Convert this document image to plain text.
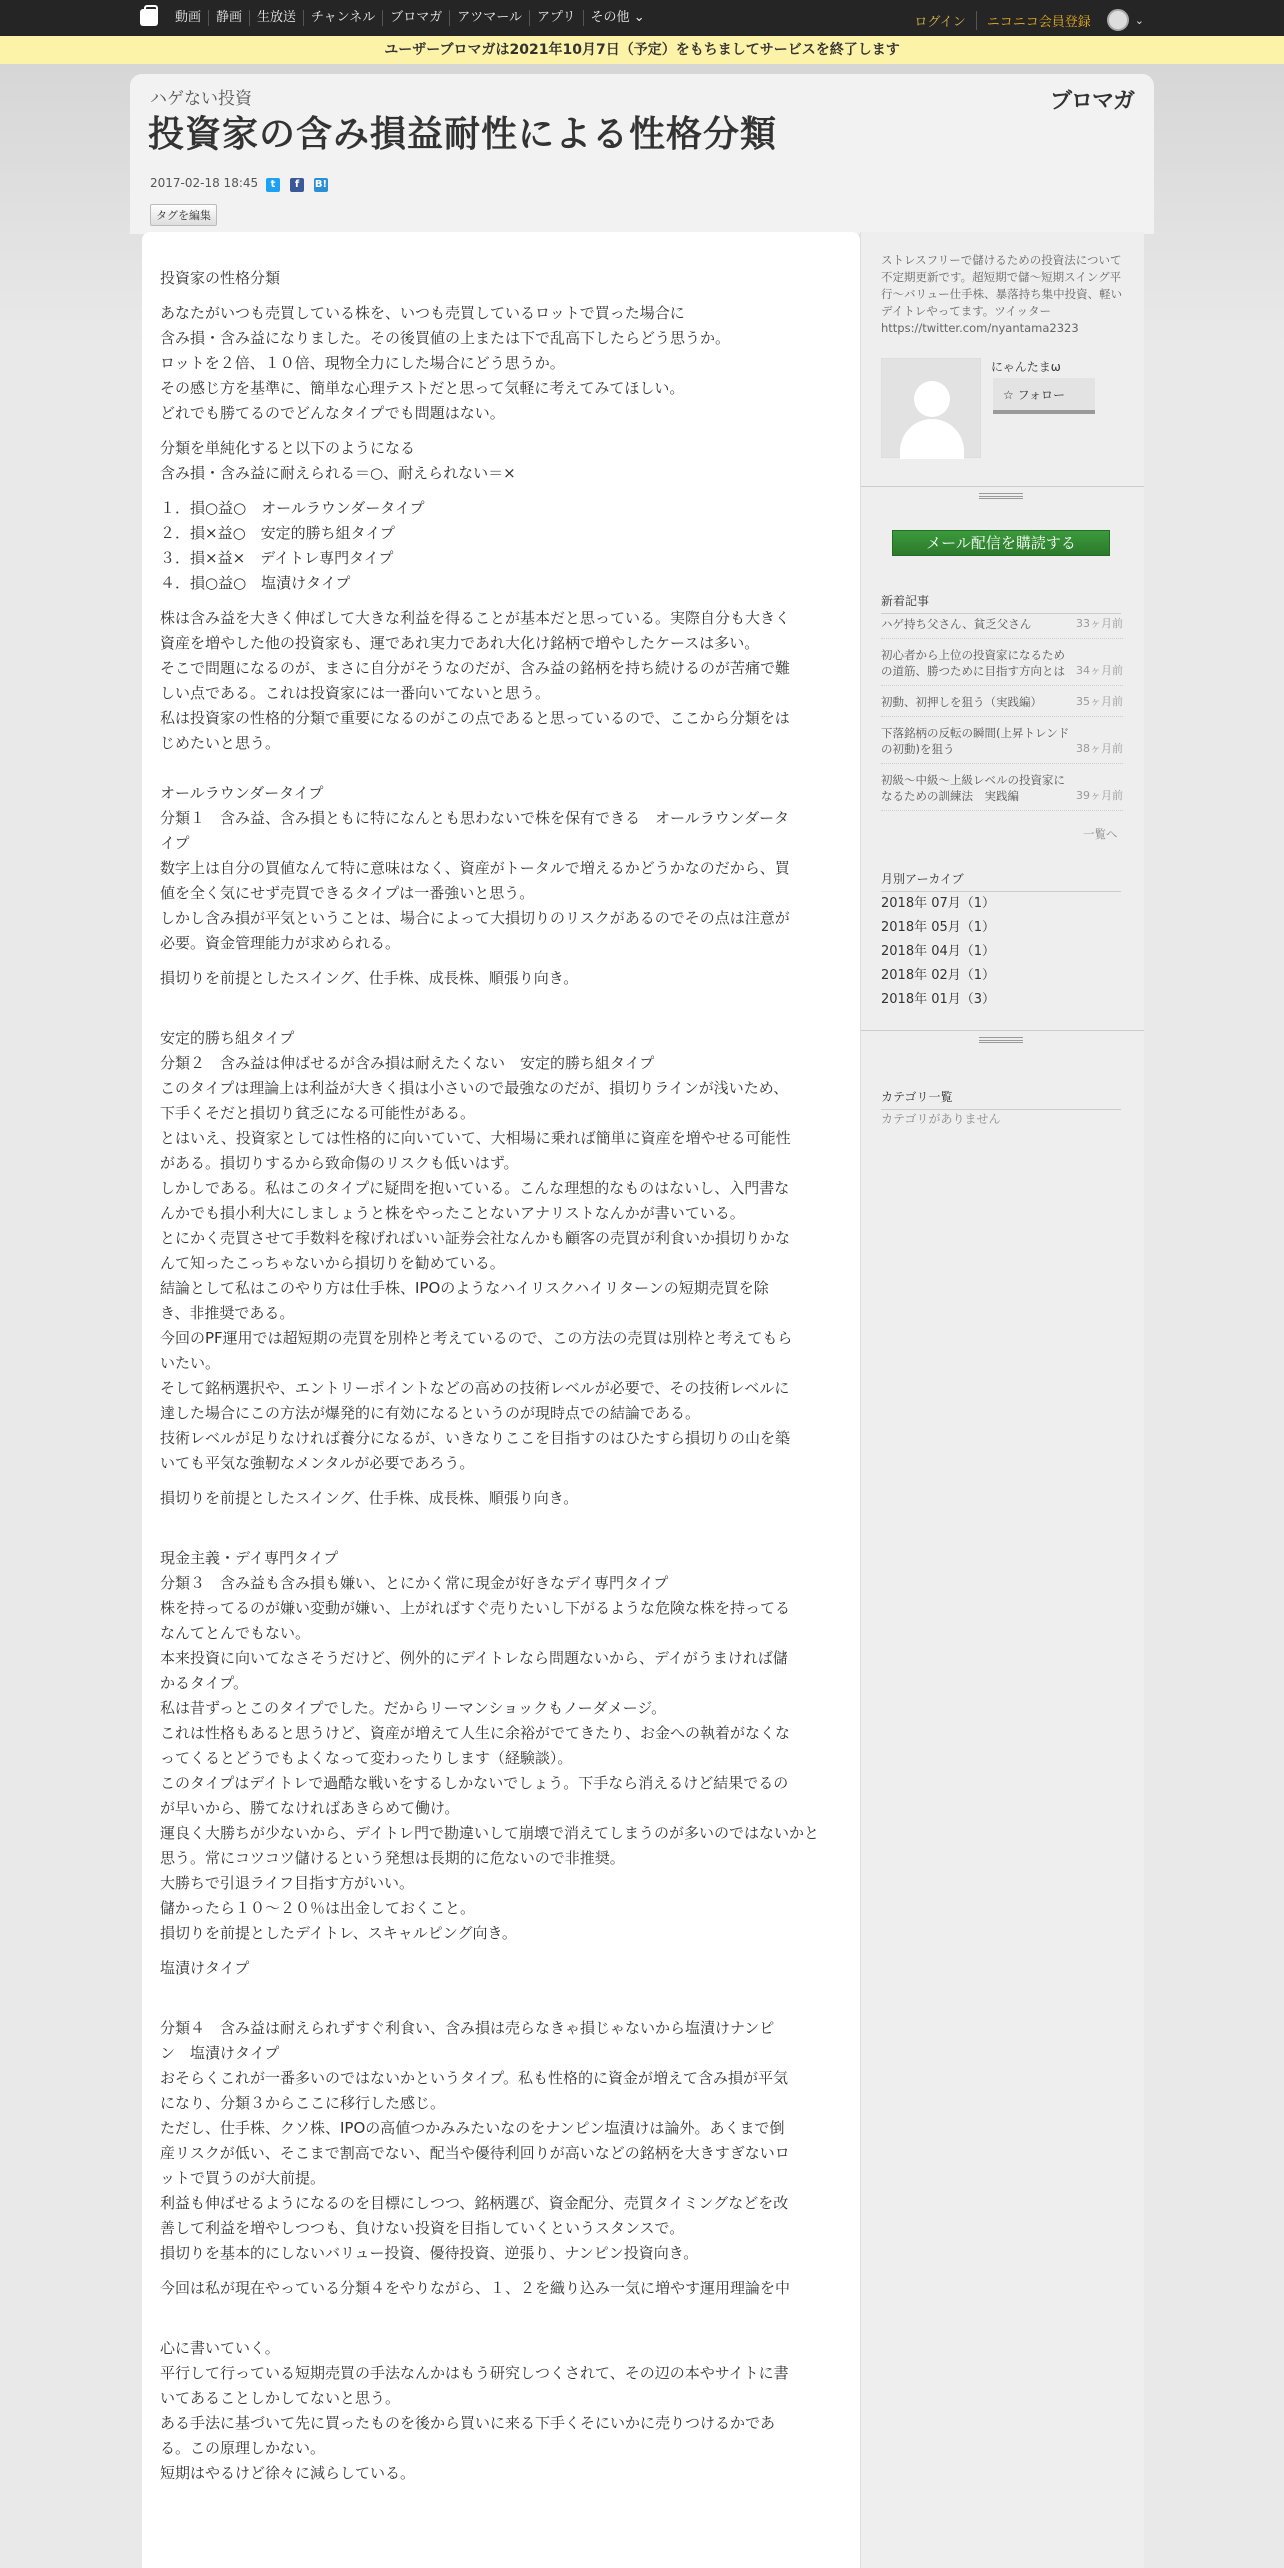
動画	静画	生放送	チャンネル	ブロマガ	アツマール	アプリ	その他 ⌄	ログイン	ニコニコ会員登録	⌄
ユーザーブロマガは2021年10月7日（予定）をもちましてサービスを終了します
ハゲない投資	ブロマガ
投資家の含み損益耐性による性格分類
2017-02-18 18:45	t	f	B!
タグを編集

投資家の性格分類

あなたがいつも売買している株を、いつも売買しているロットで買った場合に

含み損・含み益になりました。その後買値の上または下で乱高下したらどう思うか。

ロットを２倍、１０倍、現物全力にした場合にどう思うか。

その感じ方を基準に、簡単な心理テストだと思って気軽に考えてみてほしい。

どれでも勝てるのでどんなタイプでも問題はない。

分類を単純化すると以下のようになる

含み損・含み益に耐えられる＝○、耐えられない＝×

１．損○益○　オールラウンダータイプ

２．損×益○　安定的勝ち組タイプ

３．損×益×　デイトレ専門タイプ

４．損○益○　塩漬けタイプ

株は含み益を大きく伸ばして大きな利益を得ることが基本だと思っている。実際自分も大きく

資産を増やした他の投資家も、運であれ実力であれ大化け銘柄で増やしたケースは多い。

そこで問題になるのが、まさに自分がそうなのだが、含み益の銘柄を持ち続けるのが苦痛で難

しい点である。これは投資家には一番向いてないと思う。

私は投資家の性格的分類で重要になるのがこの点であると思っているので、ここから分類をは

じめたいと思う。

オールラウンダータイプ

分類１　含み益、含み損ともに特になんとも思わないで株を保有できる　オールラウンダータ

イプ

数字上は自分の買値なんて特に意味はなく、資産がトータルで増えるかどうかなのだから、買

値を全く気にせず売買できるタイプは一番強いと思う。

しかし含み損が平気ということは、場合によって大損切りのリスクがあるのでその点は注意が

必要。資金管理能力が求められる。

損切りを前提としたスイング、仕手株、成長株、順張り向き。

安定的勝ち組タイプ

分類２　含み益は伸ばせるが含み損は耐えたくない　安定的勝ち組タイプ

このタイプは理論上は利益が大きく損は小さいので最強なのだが、損切りラインが浅いため、

下手くそだと損切り貧乏になる可能性がある。

とはいえ、投資家としては性格的に向いていて、大相場に乗れば簡単に資産を増やせる可能性

がある。損切りするから致命傷のリスクも低いはず。

しかしである。私はこのタイプに疑問を抱いている。こんな理想的なものはないし、入門書な

んかでも損小利大にしましょうと株をやったことないアナリストなんかが書いている。

とにかく売買させて手数料を稼げればいい証券会社なんかも顧客の売買が利食いか損切りかな

んて知ったこっちゃないから損切りを勧めている。

結論として私はこのやり方は仕手株、IPOのようなハイリスクハイリターンの短期売買を除

き、非推奨である。

今回のPF運用では超短期の売買を別枠と考えているので、この方法の売買は別枠と考えてもら

いたい。

そして銘柄選択や、エントリーポイントなどの高めの技術レベルが必要で、その技術レベルに

達した場合にこの方法が爆発的に有効になるというのが現時点での結論である。

技術レベルが足りなければ養分になるが、いきなりここを目指すのはひたすら損切りの山を築

いても平気な強靭なメンタルが必要であろう。

損切りを前提としたスイング、仕手株、成長株、順張り向き。

現金主義・デイ専門タイプ

分類３　含み益も含み損も嫌い、とにかく常に現金が好きなデイ専門タイプ

株を持ってるのが嫌い変動が嫌い、上がればすぐ売りたいし下がるような危険な株を持ってる

なんてとんでもない。

本来投資に向いてなさそうだけど、例外的にデイトレなら問題ないから、デイがうまければ儲

かるタイプ。

私は昔ずっとこのタイプでした。だからリーマンショックもノーダメージ。

これは性格もあると思うけど、資産が増えて人生に余裕がでてきたり、お金への執着がなくな

ってくるとどうでもよくなって変わったりします（経験談）。

このタイプはデイトレで過酷な戦いをするしかないでしょう。下手なら消えるけど結果でるの

が早いから、勝てなければあきらめて働け。

運良く大勝ちが少ないから、デイトレ門で勘違いして崩壊で消えてしまうのが多いのではないかと

思う。常にコツコツ儲けるという発想は長期的に危ないので非推奨。

大勝ちで引退ライフ目指す方がいい。

儲かったら１０～２０％は出金しておくこと。

損切りを前提としたデイトレ、スキャルピング向き。

塩漬けタイプ

分類４　含み益は耐えられずすぐ利食い、含み損は売らなきゃ損じゃないから塩漬けナンピ

ン　塩漬けタイプ

おそらくこれが一番多いのではないかというタイプ。私も性格的に資金が増えて含み損が平気

になり、分類３からここに移行した感じ。

ただし、仕手株、クソ株、IPOの高値つかみみたいなのをナンピン塩漬けは論外。あくまで倒

産リスクが低い、そこまで割高でない、配当や優待利回りが高いなどの銘柄を大きすぎないロ

ットで買うのが大前提。

利益も伸ばせるようになるのを目標にしつつ、銘柄選び、資金配分、売買タイミングなどを改

善して利益を増やしつつも、負けない投資を目指していくというスタンスで。

損切りを基本的にしないバリュー投資、優待投資、逆張り、ナンピン投資向き。

今回は私が現在やっている分類４をやりながら、１、２を織り込み一気に増やす運用理論を中

心に書いていく。

平行して行っている短期売買の手法なんかはもう研究しつくされて、その辺の本やサイトに書

いてあることしかしてないと思う。

ある手法に基づいて先に買ったものを後から買いに来る下手くそにいかに売りつけるかであ

る。この原理しかない。

短期はやるけど徐々に減らしている。

ストレスフリーで儲けるための投資法について不定期更新です。超短期で儲～短期スイング平行～バリュー仕手株、暴落持ち集中投資、軽いデイトレやってます。ツイッターhttps://twitter.com/nyantama2323
にゃんたまω
☆ フォロー
メール配信を購読する
新着記事
ハゲ持ち父さん、貧乏父さん	33ヶ月前
初心者から上位の投資家になるための道筋、勝つために目指す方向とは 34ヶ月前
初動、初押しを狙う（実践編）	35ヶ月前
下落銘柄の反転の瞬間(上昇トレンドの初動)を狙う	38ヶ月前
初級～中級～上級レベルの投資家になるための訓練法　実践編	39ヶ月前
一覧へ
月別アーカイブ
2018年 07月（1）
2018年 05月（1）
2018年 04月（1）
2018年 02月（1）
2018年 01月（3）
カテゴリ一覧
カテゴリがありません
